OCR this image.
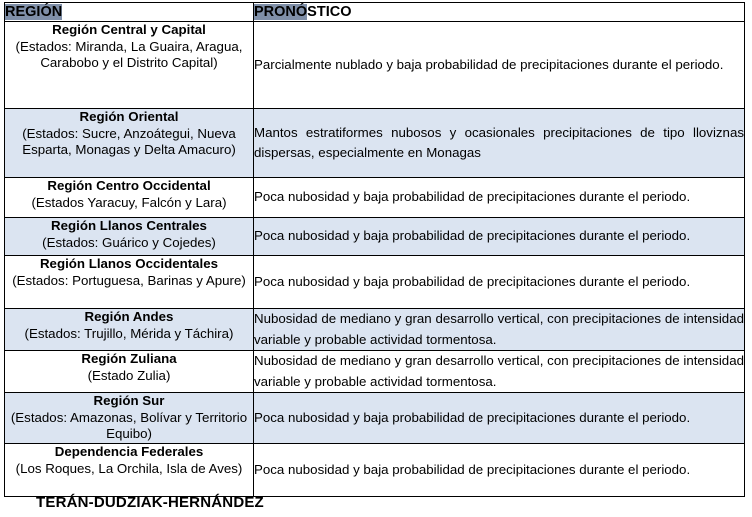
REGIÓN	PRONÓSTICO

Región Central y Capital
(Estados: Miranda, La Guaira, Aragua, Carabobo y el Distrito Capital)	Parcialmente nublado y baja probabilidad de precipitaciones durante el periodo.

Región Oriental
(Estados: Sucre, Anzoátegui, Nueva Esparta, Monagas y Delta Amacuro)	Mantos estratiformes nubosos y ocasionales precipitaciones de tipo lloviznas dispersas, especialmente en Monagas

Región Centro Occidental
(Estados Yaracuy, Falcón y Lara)	Poca nubosidad y baja probabilidad de precipitaciones durante el periodo.

Región Llanos Centrales
(Estados: Guárico y Cojedes)	Poca nubosidad y baja probabilidad de precipitaciones durante el periodo.

Región Llanos Occidentales
(Estados: Portuguesa, Barinas y Apure)	Poca nubosidad y baja probabilidad de precipitaciones durante el periodo.

Región Andes
(Estados: Trujillo, Mérida y Táchira)	Nubosidad de mediano y gran desarrollo vertical, con precipitaciones de intensidad variable y probable actividad tormentosa.

Región Zuliana
(Estado Zulia)	Nubosidad de mediano y gran desarrollo vertical, con precipitaciones de intensidad variable y probable actividad tormentosa.

Región Sur
(Estados: Amazonas, Bolívar y Territorio Equibo)	Poca nubosidad y baja probabilidad de precipitaciones durante el periodo.

Dependencia Federales
(Los Roques, La Orchila, Isla de Aves)	Poca nubosidad y baja probabilidad de precipitaciones durante el periodo.
TERÁN-DUDZIAK-HERNÁNDEZ
